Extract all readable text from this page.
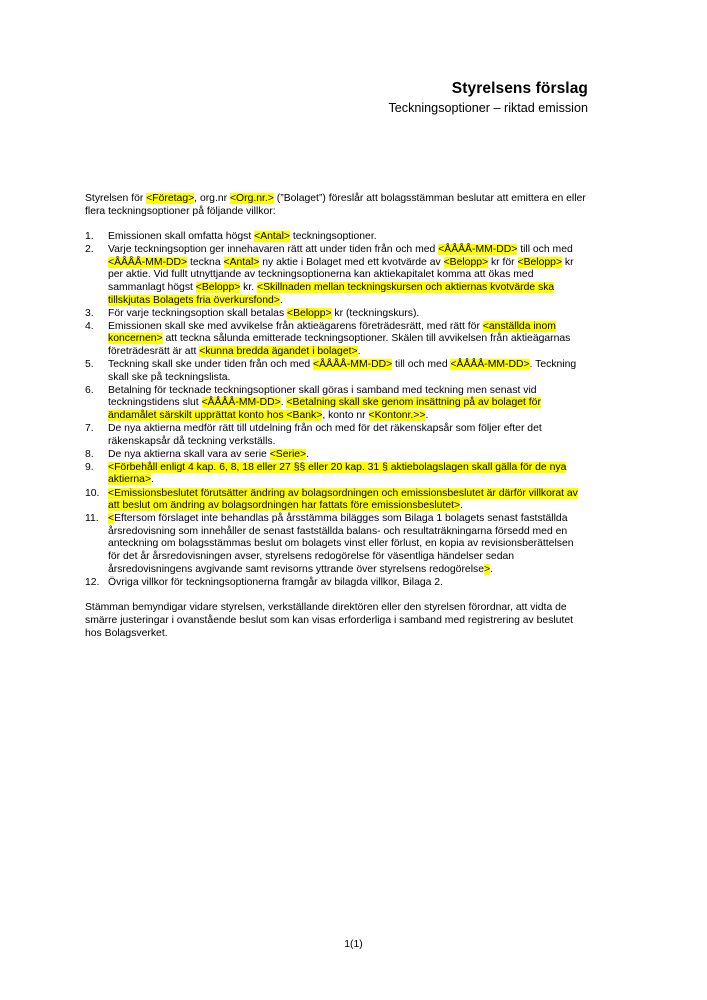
Styrelsens förslag
Teckningsoptioner – riktad emission

Styrelsen för <Företag>, org.nr <Org.nr.> (”Bolaget”) föreslår att bolagsstämman beslutar att emittera en eller flera teckningsoptioner på följande villkor:

1.	Emissionen skall omfatta högst <Antal> teckningsoptioner.
2.	Varje teckningsoption ger innehavaren rätt att under tiden från och med <ÅÅÅÅ-MM-DD> till och med <ÅÅÅÅ-MM-DD> teckna <Antal> ny aktie i Bolaget med ett kvotvärde av <Belopp> kr för <Belopp> kr per aktie. Vid fullt utnyttjande av teckningsoptionerna kan aktiekapitalet komma att ökas med sammanlagt högst <Belopp> kr. <Skillnaden mellan teckningskursen och aktiernas kvotvärde ska tillskjutas Bolagets fria överkursfond>.
3.	För varje teckningsoption skall betalas <Belopp> kr (teckningskurs).
4.	Emissionen skall ske med avvikelse från aktieägarens företrädesrätt, med rätt för <anställda inom koncernen> att teckna sålunda emitterade teckningsoptioner. Skälen till avvikelsen från aktieägarnas företrädesrätt är att <kunna bredda ägandet i bolaget>.
5.	Teckning skall ske under tiden från och med <ÅÅÅÅ-MM-DD> till och med <ÅÅÅÅ-MM-DD>. Teckning skall ske på teckningslista.
6.	Betalning för tecknade teckningsoptioner skall göras i samband med teckning men senast vid teckningstidens slut <ÅÅÅÅ-MM-DD>. <Betalning skall ske genom insättning på av bolaget för ändamålet särskilt upprättat konto hos <Bank>, konto nr <Kontonr.>>.
7.	De nya aktierna medför rätt till utdelning från och med för det räkenskapsår som följer efter det räkenskapsår då teckning verkställs.
8.	De nya aktierna skall vara av serie <Serie>.
9.	<Förbehåll enligt 4 kap. 6, 8, 18 eller 27 §§ eller 20 kap. 31 § aktiebolagslagen skall gälla för de nya aktierna>.
10. <Emissionsbeslutet förutsätter ändring av bolagsordningen och emissionsbeslutet är därför villkorat av att beslut om ändring av bolagsordningen har fattats före emissionsbeslutet>.
11. <Eftersom förslaget inte behandlas på årsstämma bilägges som Bilaga 1 bolagets senast fastställda årsredovisning som innehåller de senast fastställda balans- och resultaträkningarna försedd med en anteckning om bolagsstämmas beslut om bolagets vinst eller förlust, en kopia av revisionsberättelsen för det år årsredovisningen avser, styrelsens redogörelse för väsentliga händelser sedan årsredovisningens avgivande samt revisorns yttrande över styrelsens redogörelse>.
12. Övriga villkor för teckningsoptionerna framgår av bilagda villkor, Bilaga 2.

Stämman bemyndigar vidare styrelsen, verkställande direktören eller den styrelsen förordnar, att vidta de smärre justeringar i ovanstående beslut som kan visas erforderliga i samband med registrering av beslutet hos Bolagsverket.

1(1)
